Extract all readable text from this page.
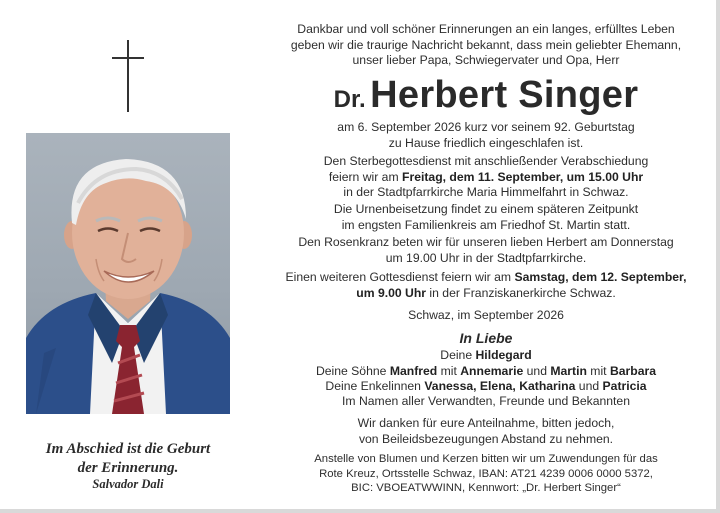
Im Abschied ist die Geburt
der Erinnerung.
Salvador Dali
Dankbar und voll schöner Erinnerungen an ein langes, erfülltes Leben
geben wir die traurige Nachricht bekannt, dass mein geliebter Ehemann,
unser lieber Papa, Schwiegervater und Opa, Herr
Dr. Herbert Singer
am 6. September 2026 kurz vor seinem 92. Geburtstag
zu Hause friedlich eingeschlafen ist.
Den Sterbegottesdienst mit anschließender Verabschiedung
feiern wir am Freitag, dem 11. September, um 15.00 Uhr
in der Stadtpfarrkirche Maria Himmelfahrt in Schwaz.
Die Urnenbeisetzung findet zu einem späteren Zeitpunkt
im engsten Familienkreis am Friedhof St. Martin statt.
Den Rosenkranz beten wir für unseren lieben Herbert am Donnerstag
um 19.00 Uhr in der Stadtpfarrkirche.
Einen weiteren Gottesdienst feiern wir am Samstag, dem 12. September,
um 9.00 Uhr in der Franziskanerkirche Schwaz.
Schwaz, im September 2026
In Liebe
Deine Hildegard
Deine Söhne Manfred mit Annemarie und Martin mit Barbara
Deine Enkelinnen Vanessa, Elena, Katharina und Patricia
Im Namen aller Verwandten, Freunde und Bekannten
Wir danken für eure Anteilnahme, bitten jedoch,
von Beileidsbezeugungen Abstand zu nehmen.
Anstelle von Blumen und Kerzen bitten wir um Zuwendungen für das
Rote Kreuz, Ortsstelle Schwaz, IBAN: AT21 4239 0006 0000 5372,
BIC: VBOEATWWINN, Kennwort: „Dr. Herbert Singer“
